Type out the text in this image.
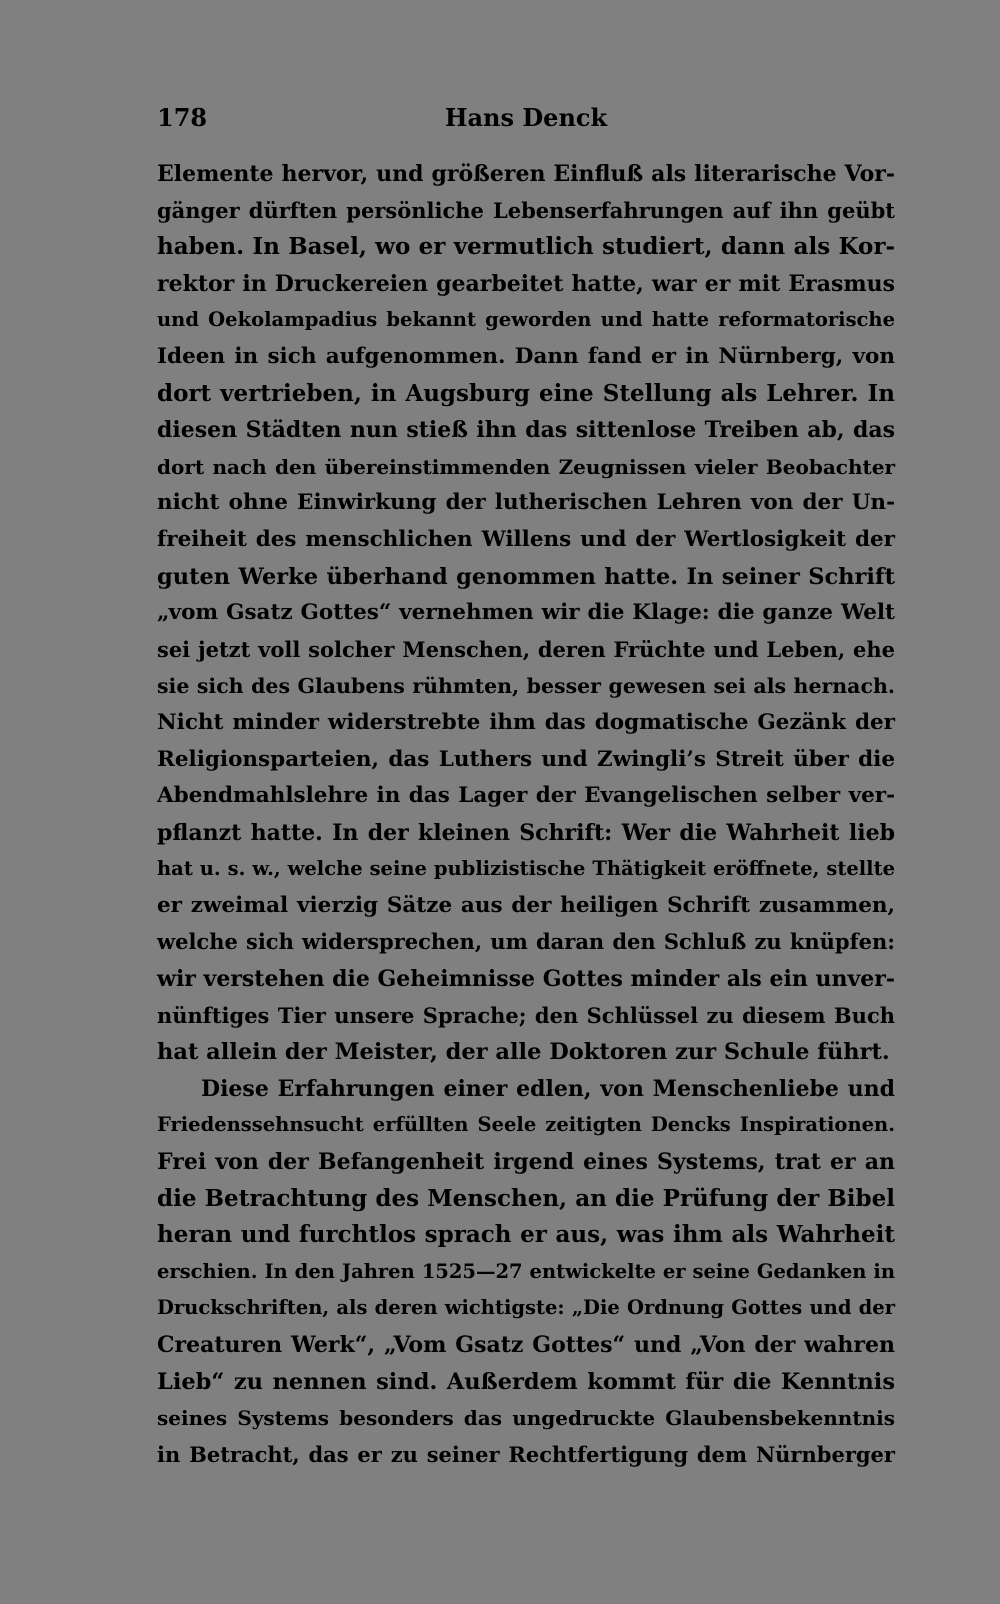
178	Hans Denck
Elemente hervor, und größeren Einfluß als literarische Vor-
gänger dürften persönliche Lebenserfahrungen auf ihn geübt
haben. In Basel, wo er vermutlich studiert, dann als Kor-
rektor in Druckereien gearbeitet hatte, war er mit Erasmus
und Oekolampadius bekannt geworden und hatte reformatorische
Ideen in sich aufgenommen. Dann fand er in Nürnberg, von
dort vertrieben, in Augsburg eine Stellung als Lehrer. In
diesen Städten nun stieß ihn das sittenlose Treiben ab, das
dort nach den übereinstimmenden Zeugnissen vieler Beobachter
nicht ohne Einwirkung der lutherischen Lehren von der Un-
freiheit des menschlichen Willens und der Wertlosigkeit der
guten Werke überhand genommen hatte. In seiner Schrift
„vom Gsatz Gottes“ vernehmen wir die Klage: die ganze Welt
sei jetzt voll solcher Menschen, deren Früchte und Leben, ehe
sie sich des Glaubens rühmten, besser gewesen sei als hernach.
Nicht minder widerstrebte ihm das dogmatische Gezänk der
Religionsparteien, das Luthers und Zwingli’s Streit über die
Abendmahlslehre in das Lager der Evangelischen selber ver-
pflanzt hatte. In der kleinen Schrift: Wer die Wahrheit lieb
hat u. s. w., welche seine publizistische Thätigkeit eröffnete, stellte
er zweimal vierzig Sätze aus der heiligen Schrift zusammen,
welche sich widersprechen, um daran den Schluß zu knüpfen:
wir verstehen die Geheimnisse Gottes minder als ein unver-
nünftiges Tier unsere Sprache; den Schlüssel zu diesem Buch
hat allein der Meister, der alle Doktoren zur Schule führt.
Diese Erfahrungen einer edlen, von Menschenliebe und
Friedenssehnsucht erfüllten Seele zeitigten Dencks Inspirationen.
Frei von der Befangenheit irgend eines Systems, trat er an
die Betrachtung des Menschen, an die Prüfung der Bibel
heran und furchtlos sprach er aus, was ihm als Wahrheit
erschien. In den Jahren 1525—27 entwickelte er seine Gedanken in
Druckschriften, als deren wichtigste: „Die Ordnung Gottes und der
Creaturen Werk“, „Vom Gsatz Gottes“ und „Von der wahren
Lieb“ zu nennen sind. Außerdem kommt für die Kenntnis
seines Systems besonders das ungedruckte Glaubensbekenntnis
in Betracht, das er zu seiner Rechtfertigung dem Nürnberger
